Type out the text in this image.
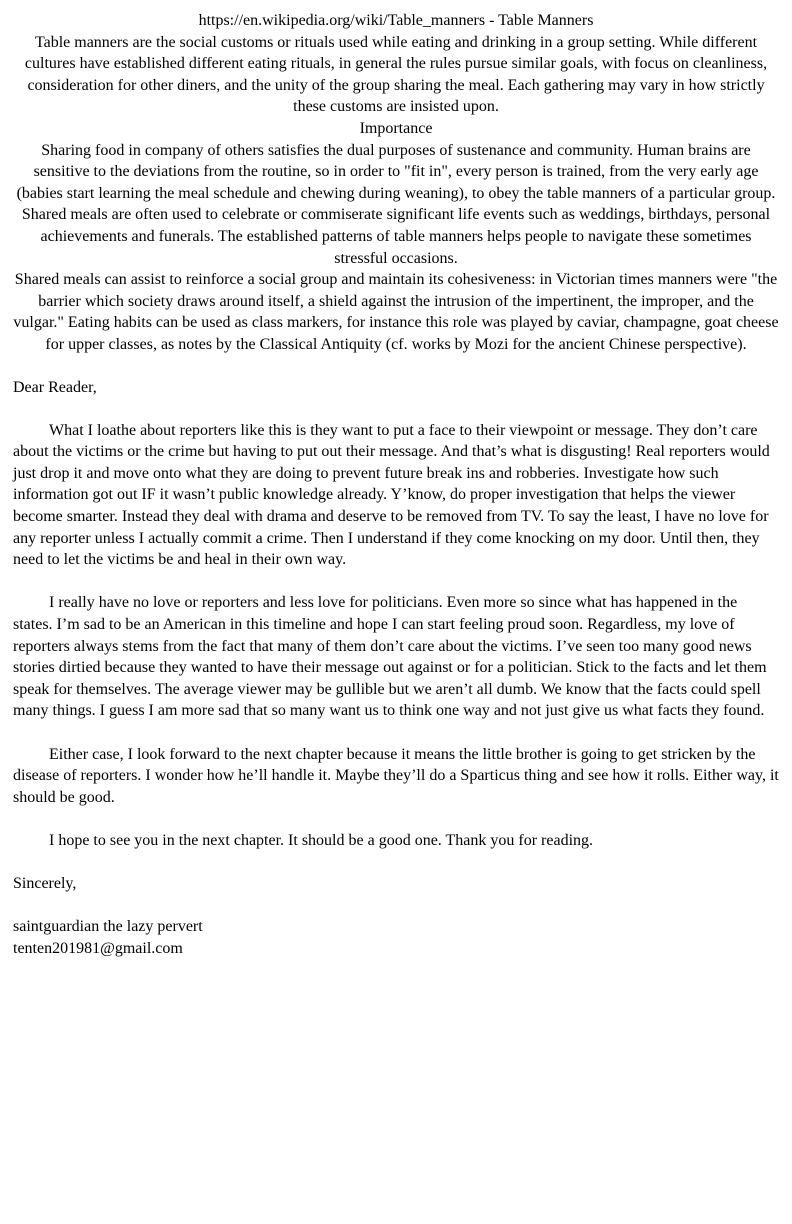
https://en.wikipedia.org/wiki/Table_manners - Table Manners

Table manners are the social customs or rituals used while eating and drinking in a group setting. While different cultures have established different eating rituals, in general the rules pursue similar goals, with focus on cleanliness, consideration for other diners, and the unity of the group sharing the meal. Each gathering may vary in how strictly these customs are insisted upon.

Importance

Sharing food in company of others satisfies the dual purposes of sustenance and community. Human brains are sensitive to the deviations from the routine, so in order to "fit in", every person is trained, from the very early age (babies start learning the meal schedule and chewing during weaning), to obey the table manners of a particular group.

Shared meals are often used to celebrate or commiserate significant life events such as weddings, birthdays, personal achievements and funerals. The established patterns of table manners helps people to navigate these sometimes stressful occasions.

Shared meals can assist to reinforce a social group and maintain its cohesiveness: in Victorian times manners were "the barrier which society draws around itself, a shield against the intrusion of the impertinent, the improper, and the vulgar." Eating habits can be used as class markers, for instance this role was played by caviar, champagne, goat cheese for upper classes, as notes by the Classical Antiquity (cf. works by Mozi for the ancient Chinese perspective).

Dear Reader,

What I loathe about reporters like this is they want to put a face to their viewpoint or message. They don’t care about the victims or the crime but having to put out their message. And that’s what is disgusting! Real reporters would just drop it and move onto what they are doing to prevent future break ins and robberies. Investigate how such information got out IF it wasn’t public knowledge already. Y’know, do proper investigation that helps the viewer become smarter. Instead they deal with drama and deserve to be removed from TV. To say the least, I have no love for any reporter unless I actually commit a crime. Then I understand if they come knocking on my door. Until then, they need to let the victims be and heal in their own way.

I really have no love or reporters and less love for politicians. Even more so since what has happened in the states. I’m sad to be an American in this timeline and hope I can start feeling proud soon. Regardless, my love of reporters always stems from the fact that many of them don’t care about the victims. I’ve seen too many good news stories dirtied because they wanted to have their message out against or for a politician. Stick to the facts and let them speak for themselves. The average viewer may be gullible but we aren’t all dumb. We know that the facts could spell many things. I guess I am more sad that so many want us to think one way and not just give us what facts they found.

Either case, I look forward to the next chapter because it means the little brother is going to get stricken by the disease of reporters. I wonder how he’ll handle it. Maybe they’ll do a Sparticus thing and see how it rolls. Either way, it should be good.

I hope to see you in the next chapter. It should be a good one. Thank you for reading.

Sincerely,

saintguardian the lazy pervert
tenten201981@gmail.com
